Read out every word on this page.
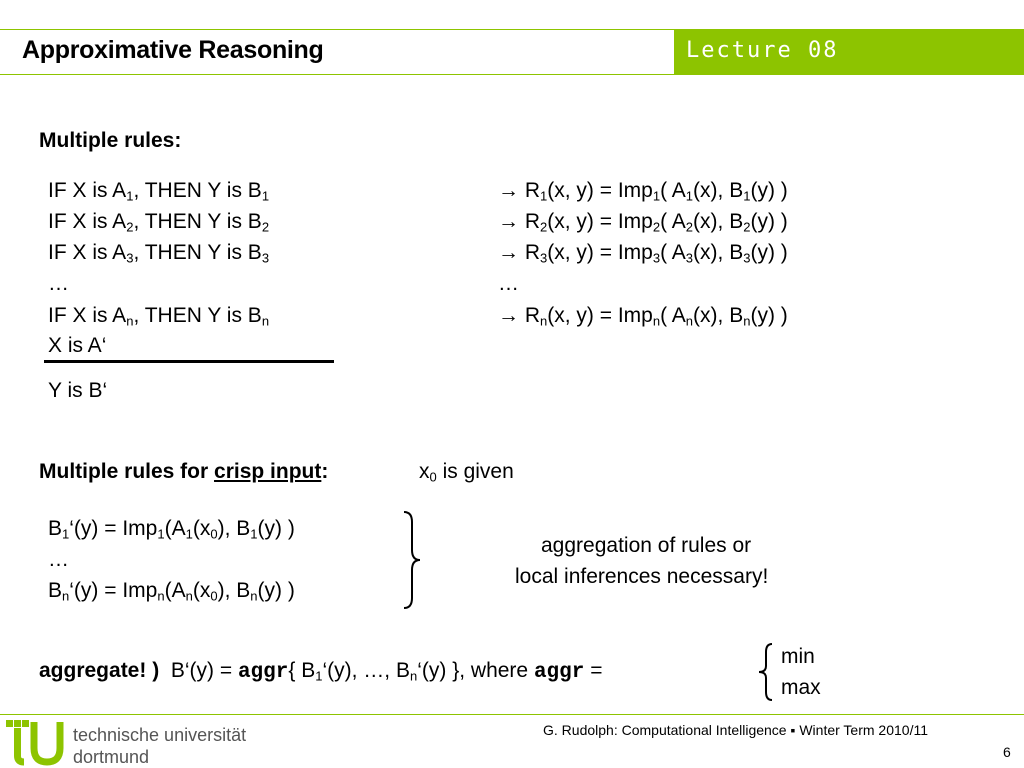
Approximative Reasoning	Lecture 08
Multiple rules:
IF X is $A_1$, THEN Y is $B_1$
IF X is $A_2$, THEN Y is $B_2$
IF X is $A_3$, THEN Y is $B_3$
…
IF X is $A_n$, THEN Y is $B_n$
X is A‘
Y is B‘
→ $R_1(x$, y) = Imp$_1$( $A_1(x)$, $B_1(y)$ )
→ $R_2(x$, y) = Imp$_2$( $A_2(x)$, $B_2(y)$ )
→ $R_3(x$, y) = Imp$_3$( $A_3(x)$, $B_3(y)$ )
…
→ $R_n(x$, y) = Imp$_n$( $A_n(x)$, $B_n(y)$ )
Multiple rules for crisp input:	$x_0$ is given
$B_1‘(y) = Imp_1(A_1(x_0)$, $B_1(y)$ )
…
$B_n‘(y) = Imp_n(A_n(x_0)$, $B_n(y)$ )
aggregation of rules or
local inferences necessary!
aggregate! ) B‘(y) = aggr{ $B_1‘(y)$, …, $B_n‘(y)$ }, where aggr =
min
max
technische universität
dortmund
G. Rudolph: Computational Intelligence ▪ Winter Term 2010/11
6
